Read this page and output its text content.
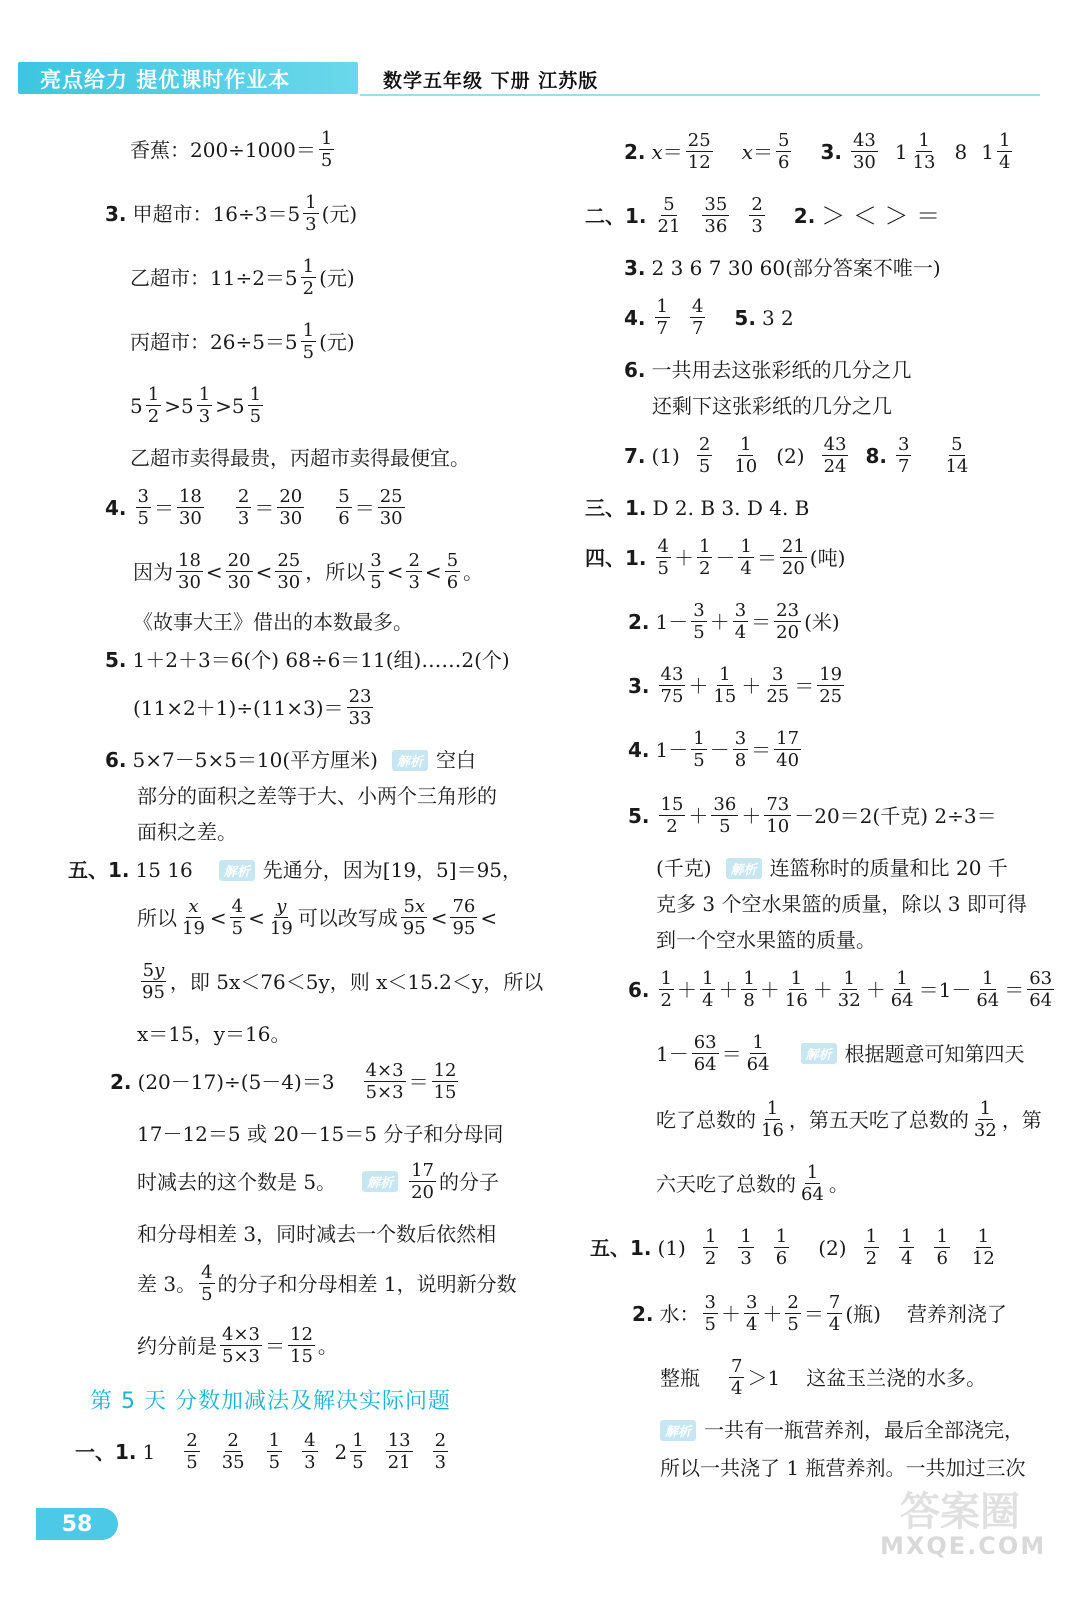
亮点给力 提优课时作业本	数学五年级 下册 江苏版
香蕉：$200\div 1000= \frac{1}{5}$
3. 甲超市：$16\div 3=5 \frac{1}{3}$ (元)
乙超市：$11\div 2=5 \frac{1}{2}$ (元)
丙超市：$26\div 5=5 \frac{1}{5}$ (元)
$5 \frac{1}{2} > 5 \frac{1}{3} > 5 \frac{1}{5}$
乙超市卖得最贵，丙超市卖得最便宜。
4. $\frac{3}{5} = \frac{18}{30} \frac{2}{3} = \frac{20}{30} \frac{5}{6} = \frac{25}{30}$
因为 $\frac{18}{30} < \frac{20}{30} < \frac{25}{30}$ ，所以 $\frac{3}{5} < \frac{2}{3} < \frac{5}{6}$ 。
《故事大王》借出的本数最多。
5. 1＋2＋3＝6(个) 68÷6＝11(组)……2(个)
$(11\times 2+1)\div(11\times 3)= \frac{23}{33}$
6. 5×7－5×5＝10(平方厘米)	解析 空白
部分的面积之差等于大、小两个三角形的
面积之差。
五、1. 15 16	解析 先通分，因为[19，5]＝95，
所以 $\frac{x}{19} < \frac{4}{5} < \frac{y}{19}$ 可以改写成 $\frac{5x}{95} < \frac{76}{95}$ <
$\frac{5y}{95}$ ，即 5x＜76＜5y，则 x＜15.2＜y，所以
x＝15，y＝16。
2. $(20-17)\div(5-4)=3 \frac{4\times 3}{5\times 3} = \frac{12}{15}$
17－12＝5 或 20－15＝5 分子和分母同
时减去的这个数是 5。	解析 $\frac{17}{20}$ 的分子
和分母相差 3，同时减去一个数后依然相
差 3。 $\frac{4}{5}$ 的分子和分母相差 1，说明新分数
约分前是 $\frac{4\times 3}{5\times 3} = \frac{12}{15}$ 。
第 5 天 分数加减法及解决实际问题
一、1. $1 \frac{2}{5} \frac{2}{35} \frac{1}{5} \frac{4}{3} 2 \frac{1}{5} \frac{13}{21} \frac{2}{3}$
2. $x = \frac{25}{12}$ $x = \frac{5}{6} 3$. $\frac{43}{30} 1 \frac{1}{13} 8$ $1 \frac{1}{4}$
二、1. $\frac{5}{21} \frac{35}{36} \frac{2}{3} 2$. ＞ ＜ ＞ ＝
3. 2 3 6 7 30 60(部分答案不唯一)
4. $\frac{1}{7} \frac{4}{7} 5$. 3 2
6. 一共用去这张彩纸的几分之几
还剩下这张彩纸的几分之几
7. $(1) \frac{2}{5} \frac{1}{10} (2) \frac{43}{24} 8$. $\frac{3}{7} \frac{5}{14}$
三、1. D 2. B 3. D 4. B
四、1. $\frac{4}{5} + \frac{1}{2} - \frac{1}{4} = \frac{21}{20}$ (吨)
2. $1- \frac{3}{5} + \frac{3}{4} = \frac{23}{20}$ (米)
3. $\frac{43}{75} + \frac{1}{15} + \frac{3}{25} = \frac{19}{25}$
4. $1- \frac{1}{5} - \frac{3}{8} = \frac{17}{40}$
5. $\frac{15}{2} + \frac{36}{5} + \frac{73}{10} -20=2$(千克) 2÷3＝
(千克)	解析 连篮称时的质量和比 20 千
克多 3 个空水果篮的质量，除以 3 即可得
到一个空水果篮的质量。
6. $\frac{1}{2} + \frac{1}{4} + \frac{1}{8} + \frac{1}{16} + \frac{1}{32} + \frac{1}{64} =1- \frac{1}{64} = \frac{63}{64}$
$1- \frac{63}{64} = \frac{1}{64}$	解析 根据题意可知第四天
吃了总数的 $\frac{1}{16}$ ，第五天吃了总数的 $\frac{1}{32}$ ，第
六天吃了总数的 $\frac{1}{64}$ 。
五、1. $(1) \frac{1}{2} \frac{1}{3} \frac{1}{6} (2) \frac{1}{2} \frac{1}{4} \frac{1}{6} \frac{1}{12}$
2. 水： $\frac{3}{5} + \frac{3}{4} + \frac{2}{5} = \frac{7}{4}$ (瓶) 营养剂浇了
整瓶 $\frac{7}{4} >1$ 这盆玉兰浇的水多。
解析 一共有一瓶营养剂，最后全部浇完，
所以一共浇了 1 瓶营养剂。一共加过三次
58	答案圈
MXQE.COM
